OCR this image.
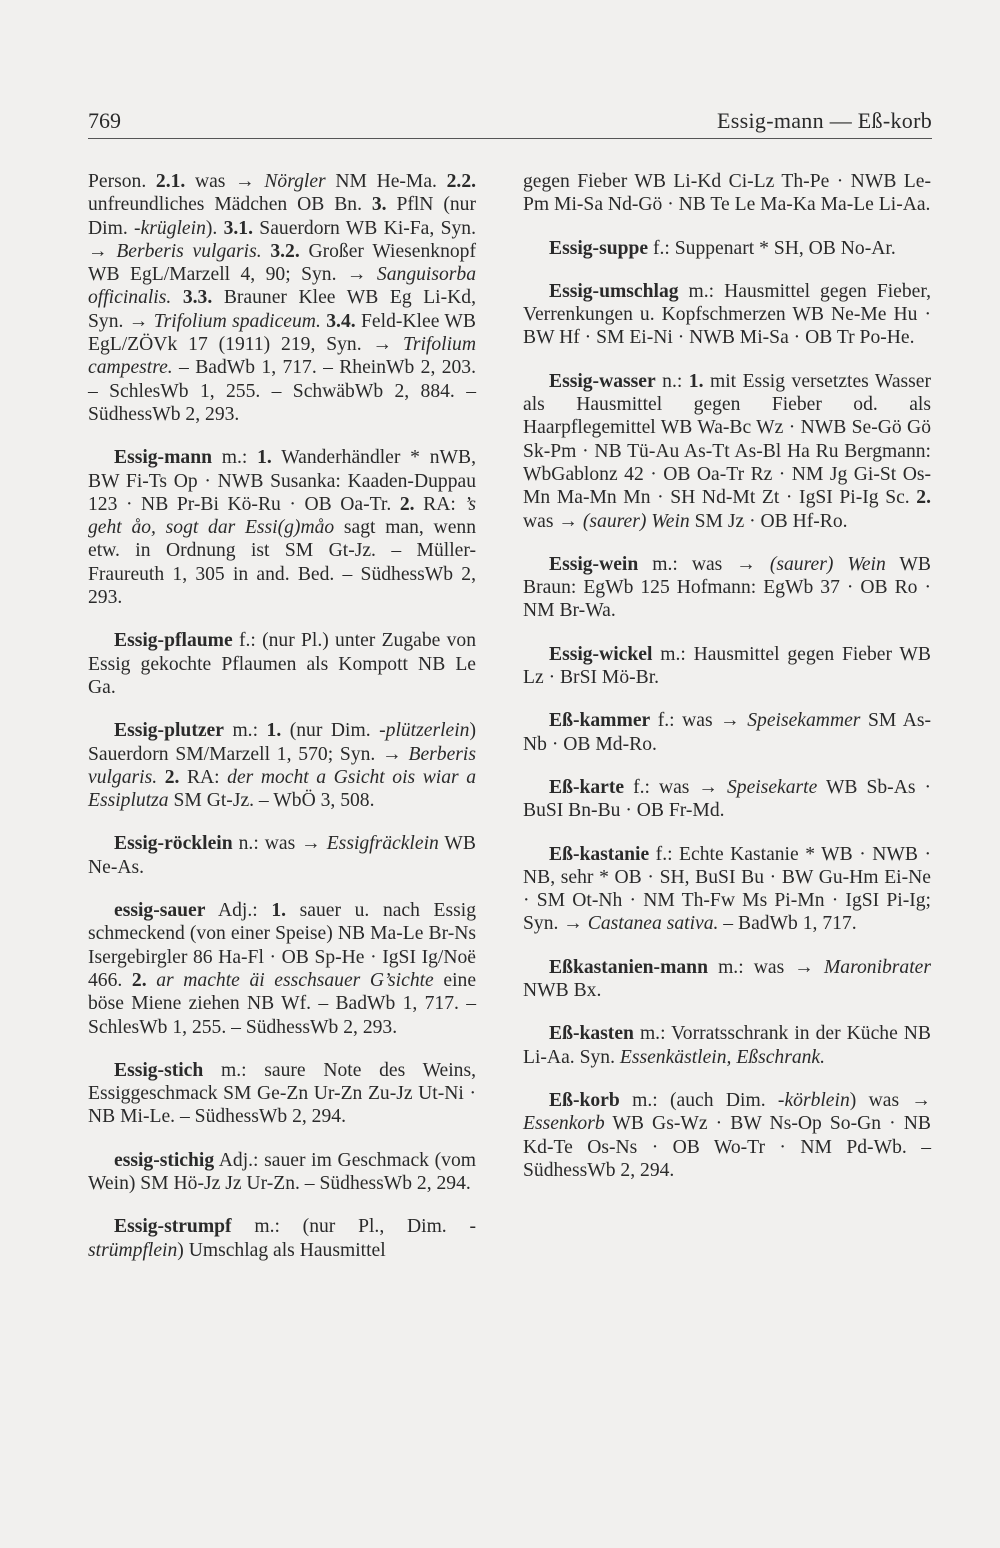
769	Essig-mann — Eß-korb

Person. 2.1. was → Nörgler NM He-Ma. 2.2. unfreundliches Mädchen OB Bn. 3. PflN (nur Dim. -krüglein). 3.1. Sauerdorn WB Ki-Fa, Syn. → Berberis vulgaris. 3.2. Großer Wiesenknopf WB EgL/Marzell 4, 90; Syn. → Sanguisorba officinalis. 3.3. Brauner Klee WB Eg Li-Kd, Syn. → Trifolium spadiceum. 3.4. Feld-Klee WB EgL/ZÖVk 17 (1911) 219, Syn. → Trifolium campestre. – BadWb 1, 717. – RheinWb 2, 203. – SchlesWb 1, 255. – SchwäbWb 2, 884. – SüdhessWb 2, 293.

Essig-mann m.: 1. Wanderhändler * nWB, BW Fi-Ts Op · NWB Susanka: Kaaden-Duppau 123 · NB Pr-Bi Kö-Ru · OB Oa-Tr. 2. RA: ’s geht åo, sogt dar Essi(g)måo sagt man, wenn etw. in Ordnung ist SM Gt-Jz. – Müller-Fraureuth 1, 305 in and. Bed. – SüdhessWb 2, 293.

Essig-pflaume f.: (nur Pl.) unter Zugabe von Essig gekochte Pflaumen als Kompott NB Le Ga.

Essig-plutzer m.: 1. (nur Dim. -plützerlein) Sauerdorn SM/Marzell 1, 570; Syn. → Berberis vulgaris. 2. RA: der mocht a Gsicht ois wiar a Essiplutza SM Gt-Jz. – WbÖ 3, 508.

Essig-röcklein n.: was → Essigfräcklein WB Ne-As.

essig-sauer Adj.: 1. sauer u. nach Essig schmeckend (von einer Speise) NB Ma-Le Br-Ns Isergebirgler 86 Ha-Fl · OB Sp-He · IgSI Ig/Noë 466. 2. ar machte äi esschsauer G’sichte eine böse Miene ziehen NB Wf. – BadWb 1, 717. – SchlesWb 1, 255. – SüdhessWb 2, 293.

Essig-stich m.: saure Note des Weins, Essiggeschmack SM Ge-Zn Ur-Zn Zu-Jz Ut-Ni · NB Mi-Le. – SüdhessWb 2, 294.

essig-stichig Adj.: sauer im Geschmack (vom Wein) SM Hö-Jz Jz Ur-Zn. – SüdhessWb 2, 294.

Essig-strumpf m.: (nur Pl., Dim. -strümpflein) Umschlag als Hausmittel

gegen Fieber WB Li-Kd Ci-Lz Th-Pe · NWB Le-Pm Mi-Sa Nd-Gö · NB Te Le Ma-Ka Ma-Le Li-Aa.

Essig-suppe f.: Suppenart * SH, OB No-Ar.

Essig-umschlag m.: Hausmittel gegen Fieber, Verrenkungen u. Kopfschmerzen WB Ne-Me Hu · BW Hf · SM Ei-Ni · NWB Mi-Sa · OB Tr Po-He.

Essig-wasser n.: 1. mit Essig versetztes Wasser als Hausmittel gegen Fieber od. als Haarpflegemittel WB Wa-Bc Wz · NWB Se-Gö Gö Sk-Pm · NB Tü-Au As-Tt As-Bl Ha Ru Bergmann: WbGablonz 42 · OB Oa-Tr Rz · NM Jg Gi-St Os-Mn Ma-Mn Mn · SH Nd-Mt Zt · IgSI Pi-Ig Sc. 2. was → (saurer) Wein SM Jz · OB Hf-Ro.

Essig-wein m.: was → (saurer) Wein WB Braun: EgWb 125 Hofmann: EgWb 37 · OB Ro · NM Br-Wa.

Essig-wickel m.: Hausmittel gegen Fieber WB Lz · BrSI Mö-Br.

Eß-kammer f.: was → Speisekammer SM As-Nb · OB Md-Ro.

Eß-karte f.: was → Speisekarte WB Sb-As · BuSI Bn-Bu · OB Fr-Md.

Eß-kastanie f.: Echte Kastanie * WB · NWB · NB, sehr * OB · SH, BuSI Bu · BW Gu-Hm Ei-Ne · SM Ot-Nh · NM Th-Fw Ms Pi-Mn · IgSI Pi-Ig; Syn. → Castanea sativa. – BadWb 1, 717.

Eßkastanien-mann m.: was → Maronibrater NWB Bx.

Eß-kasten m.: Vorratsschrank in der Küche NB Li-Aa. Syn. Essenkästlein, Eßschrank.

Eß-korb m.: (auch Dim. -körblein) was → Essenkorb WB Gs-Wz · BW Ns-Op So-Gn · NB Kd-Te Os-Ns · OB Wo-Tr · NM Pd-Wb. – SüdhessWb 2, 294.
